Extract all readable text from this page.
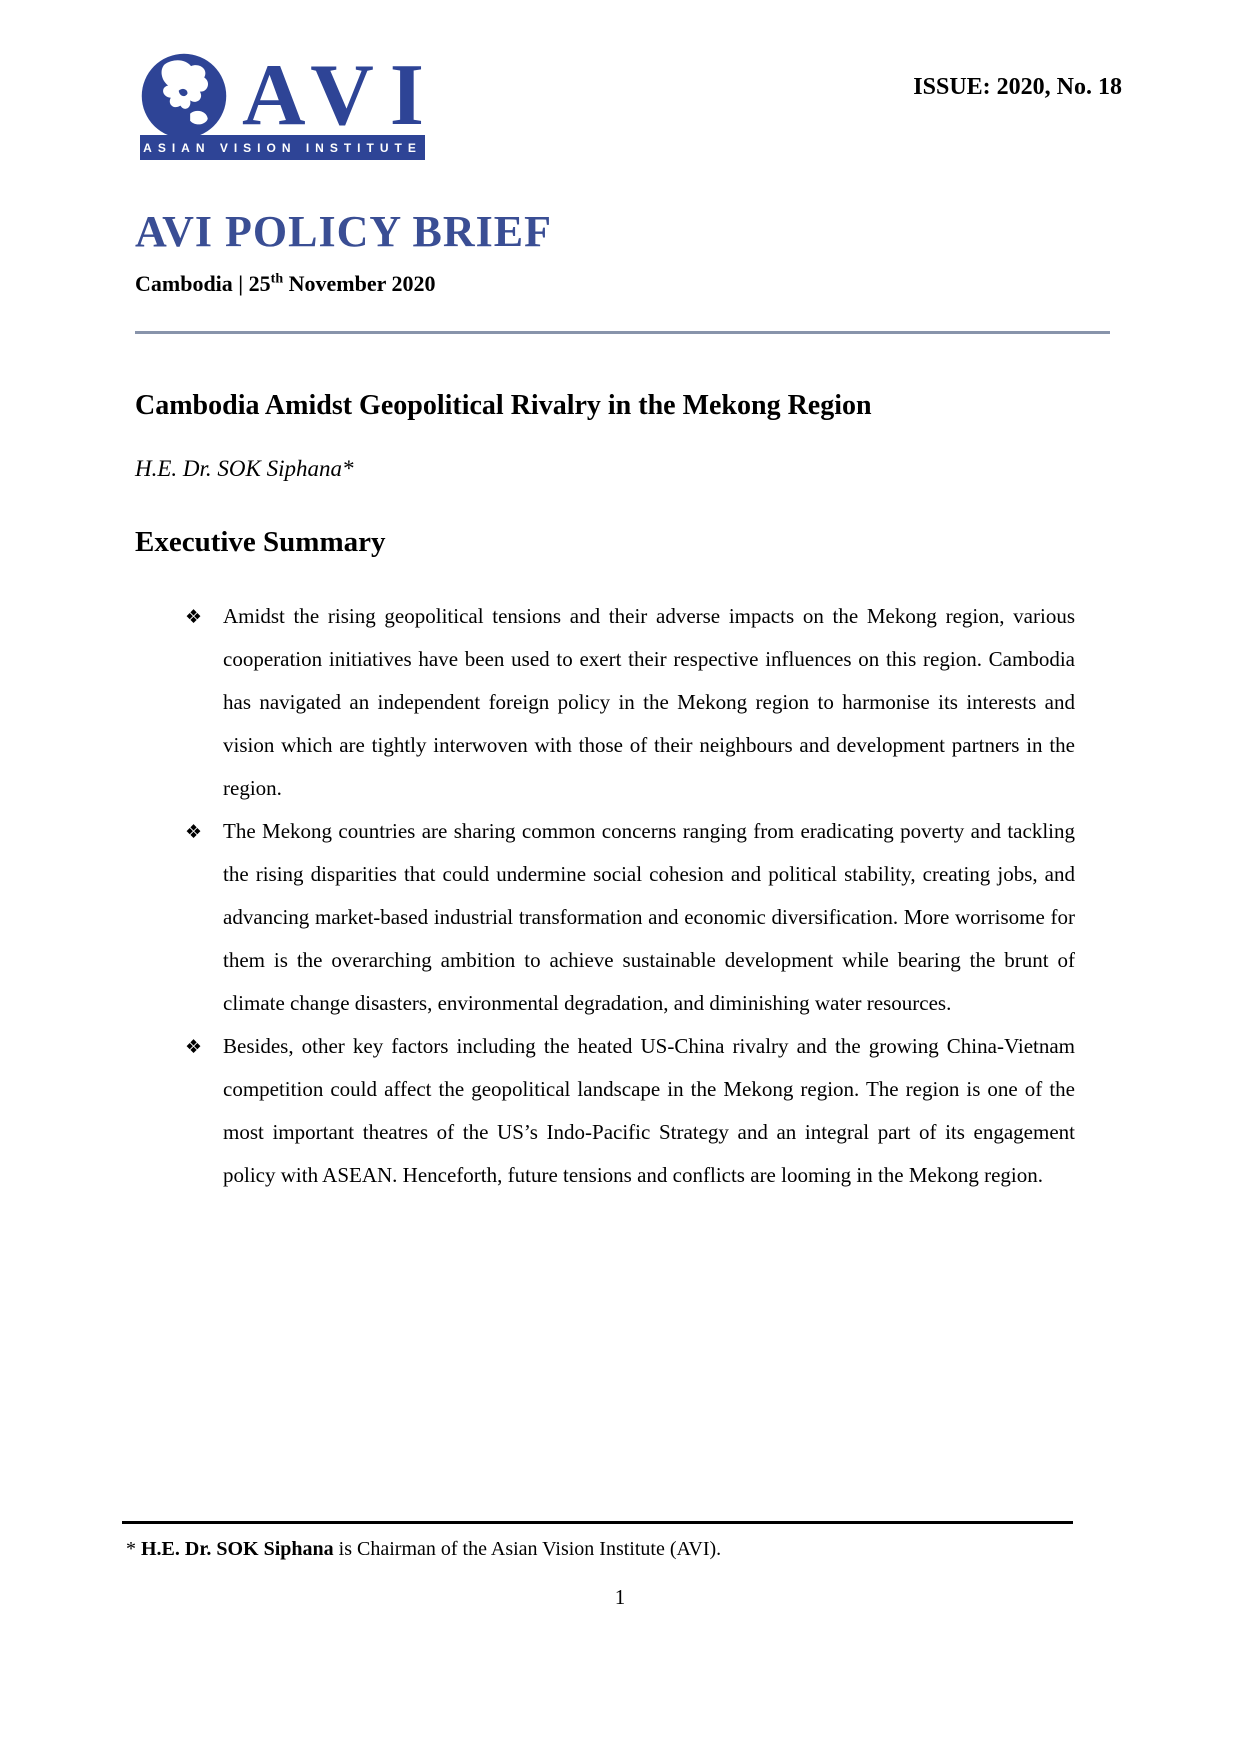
AVI
ASIAN VISION INSTITUTE
ISSUE: 2020, No. 18
AVI POLICY BRIEF
Cambodia | 25th November 2020
Cambodia Amidst Geopolitical Rivalry in the Mekong Region
H.E. Dr. SOK Siphana*
Executive Summary
❖ Amidst the rising geopolitical tensions and their adverse impacts on the Mekong region, various cooperation initiatives have been used to exert their respective influences on this region. Cambodia has navigated an independent foreign policy in the Mekong region to harmonise its interests and vision which are tightly interwoven with those of their neighbours and development partners in the region.
❖ The Mekong countries are sharing common concerns ranging from eradicating poverty and tackling the rising disparities that could undermine social cohesion and political stability, creating jobs, and advancing market-based industrial transformation and economic diversification. More worrisome for them is the overarching ambition to achieve sustainable development while bearing the brunt of climate change disasters, environmental degradation, and diminishing water resources.
❖ Besides, other key factors including the heated US-China rivalry and the growing China-Vietnam competition could affect the geopolitical landscape in the Mekong region. The region is one of the most important theatres of the US’s Indo-Pacific Strategy and an integral part of its engagement policy with ASEAN. Henceforth, future tensions and conflicts are looming in the Mekong region.
* H.E. Dr. SOK Siphana is Chairman of the Asian Vision Institute (AVI).
1
